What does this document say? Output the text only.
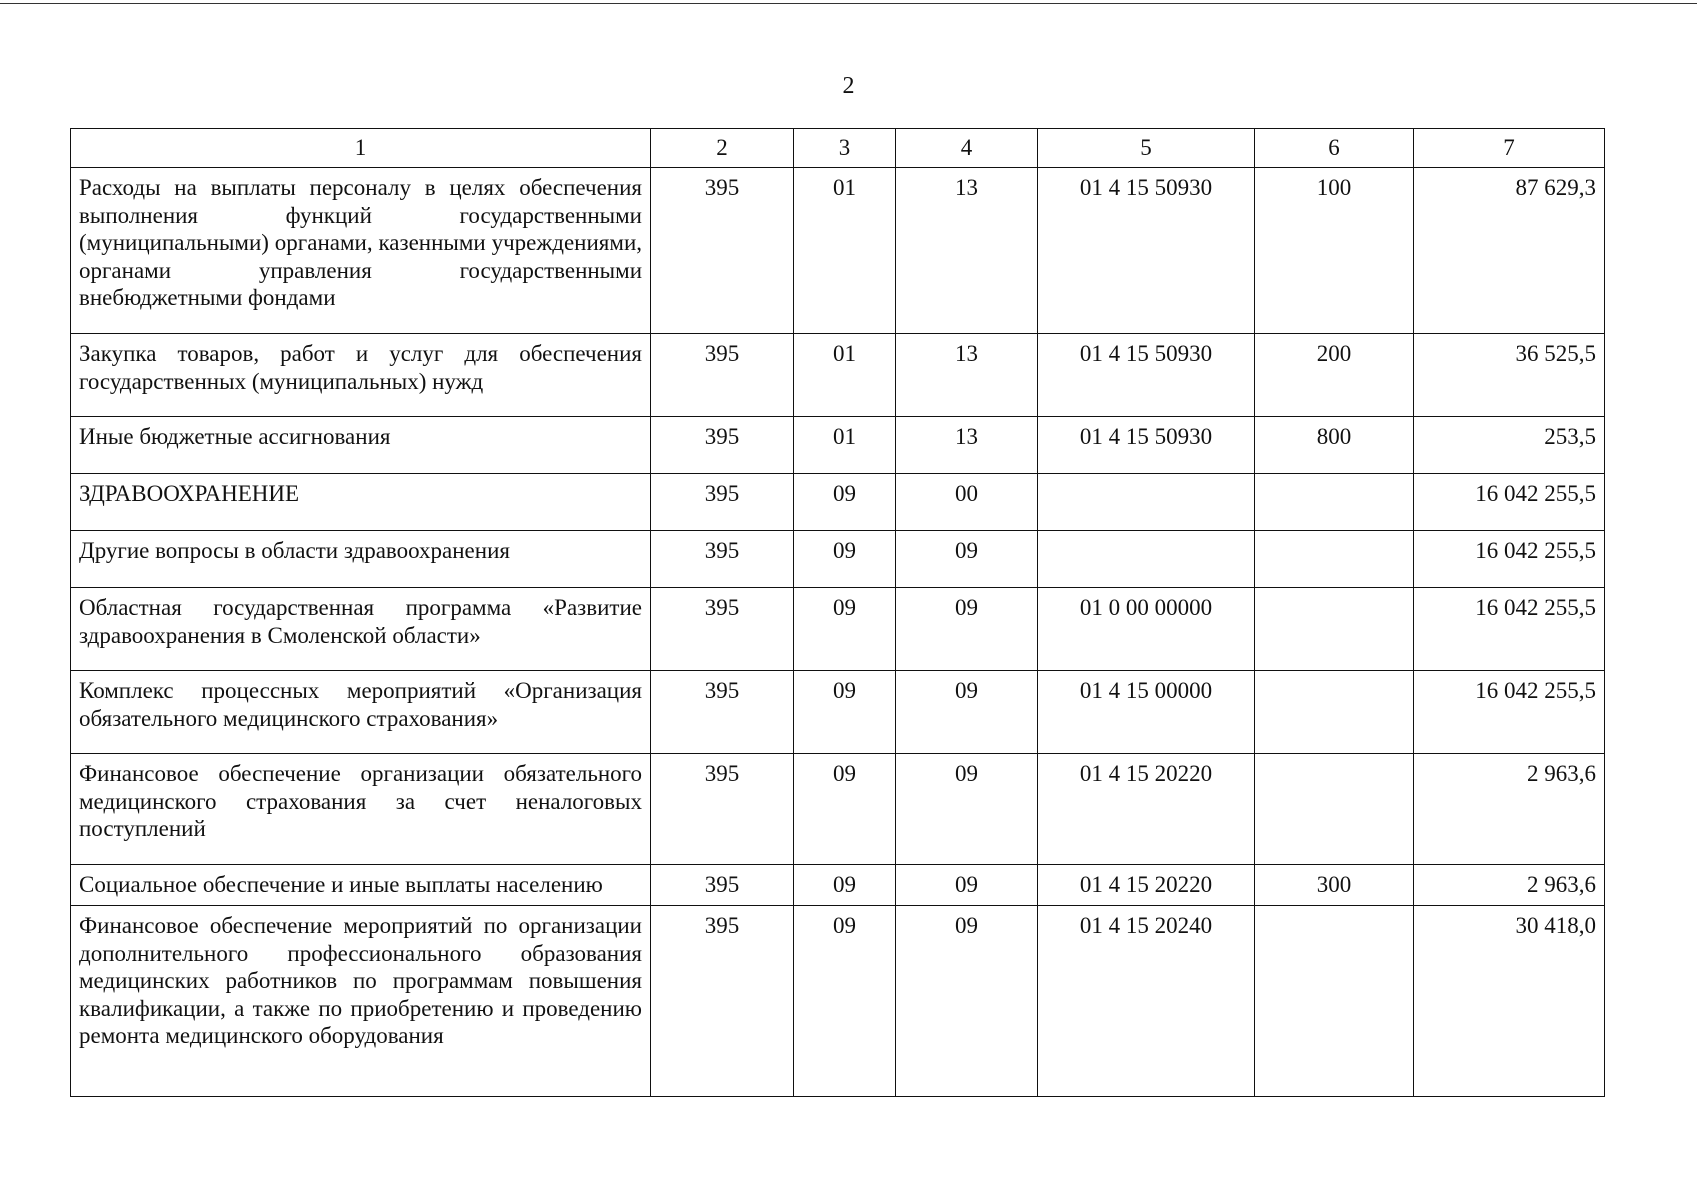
2
1	2	3	4	5	6	7
Расходы на выплаты персоналу в целях обеспечения выполнения функций государственными (муниципальными) органами, казенными учреждениями, органами управления государственными внебюджетными фондами	395	01	13	01 4 15 50930	100	87 629,3
Закупка товаров, работ и услуг для обеспечения государственных (муниципальных) нужд	395	01	13	01 4 15 50930	200	36 525,5
Иные бюджетные ассигнования	395	01	13	01 4 15 50930	800	253,5
ЗДРАВООХРАНЕНИЕ	395	09	00			16 042 255,5
Другие вопросы в области здравоохранения	395	09	09			16 042 255,5
Областная государственная программа «Развитие здравоохранения в Смоленской области»	395	09	09	01 0 00 00000		16 042 255,5
Комплекс процессных мероприятий «Организация обязательного медицинского страхования»	395	09	09	01 4 15 00000		16 042 255,5
Финансовое обеспечение организации обязательного медицинского страхования за счет неналоговых поступлений	395	09	09	01 4 15 20220		2 963,6
Социальное обеспечение и иные выплаты населению	395	09	09	01 4 15 20220	300	2 963,6
Финансовое обеспечение мероприятий по организации дополнительного профессионального образования медицинских работников по программам повышения квалификации, а также по приобретению и проведению ремонта медицинского оборудования	395	09	09	01 4 15 20240		30 418,0
